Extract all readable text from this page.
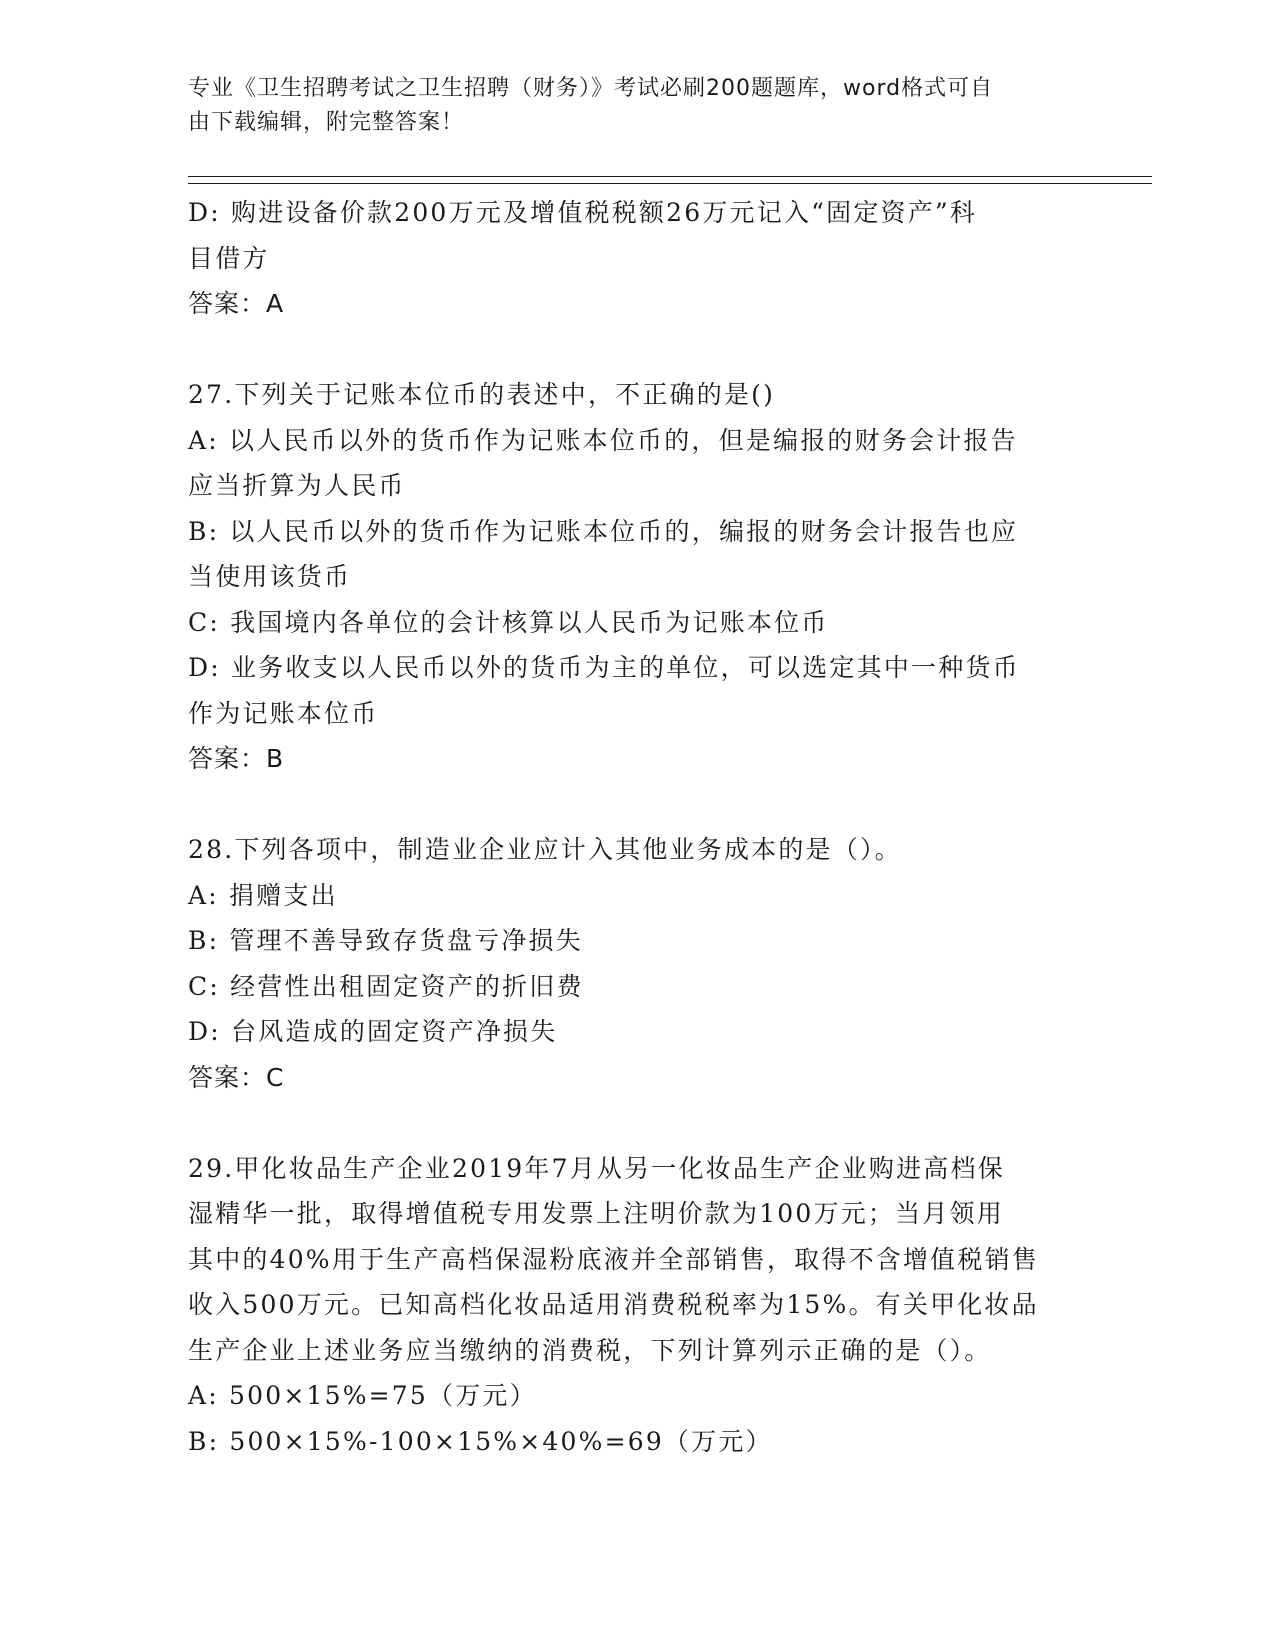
专业《卫生招聘考试之卫生招聘（财务）》考试必刷200题题库，word格式可自
由下载编辑，附完整答案！
D: 购进设备价款200万元及增值税税额26万元记入“固定资产”科
目借方
答案：A
27.下列关于记账本位币的表述中，不正确的是()
A: 以人民币以外的货币作为记账本位币的，但是编报的财务会计报告
应当折算为人民币
B: 以人民币以外的货币作为记账本位币的，编报的财务会计报告也应
当使用该货币
C: 我国境内各单位的会计核算以人民币为记账本位币
D: 业务收支以人民币以外的货币为主的单位，可以选定其中一种货币
作为记账本位币
答案：B
28.下列各项中，制造业企业应计入其他业务成本的是（）。
A: 捐赠支出
B: 管理不善导致存货盘亏净损失
C: 经营性出租固定资产的折旧费
D: 台风造成的固定资产净损失
答案：C
29.甲化妆品生产企业2019年7月从另一化妆品生产企业购进高档保
湿精华一批，取得增值税专用发票上注明价款为100万元；当月领用
其中的40%用于生产高档保湿粉底液并全部销售，取得不含增值税销售
收入500万元。已知高档化妆品适用消费税税率为15%。有关甲化妆品
生产企业上述业务应当缴纳的消费税，下列计算列示正确的是（）。
A: 500×15%=75（万元）
B: 500×15%-100×15%×40%=69（万元）
